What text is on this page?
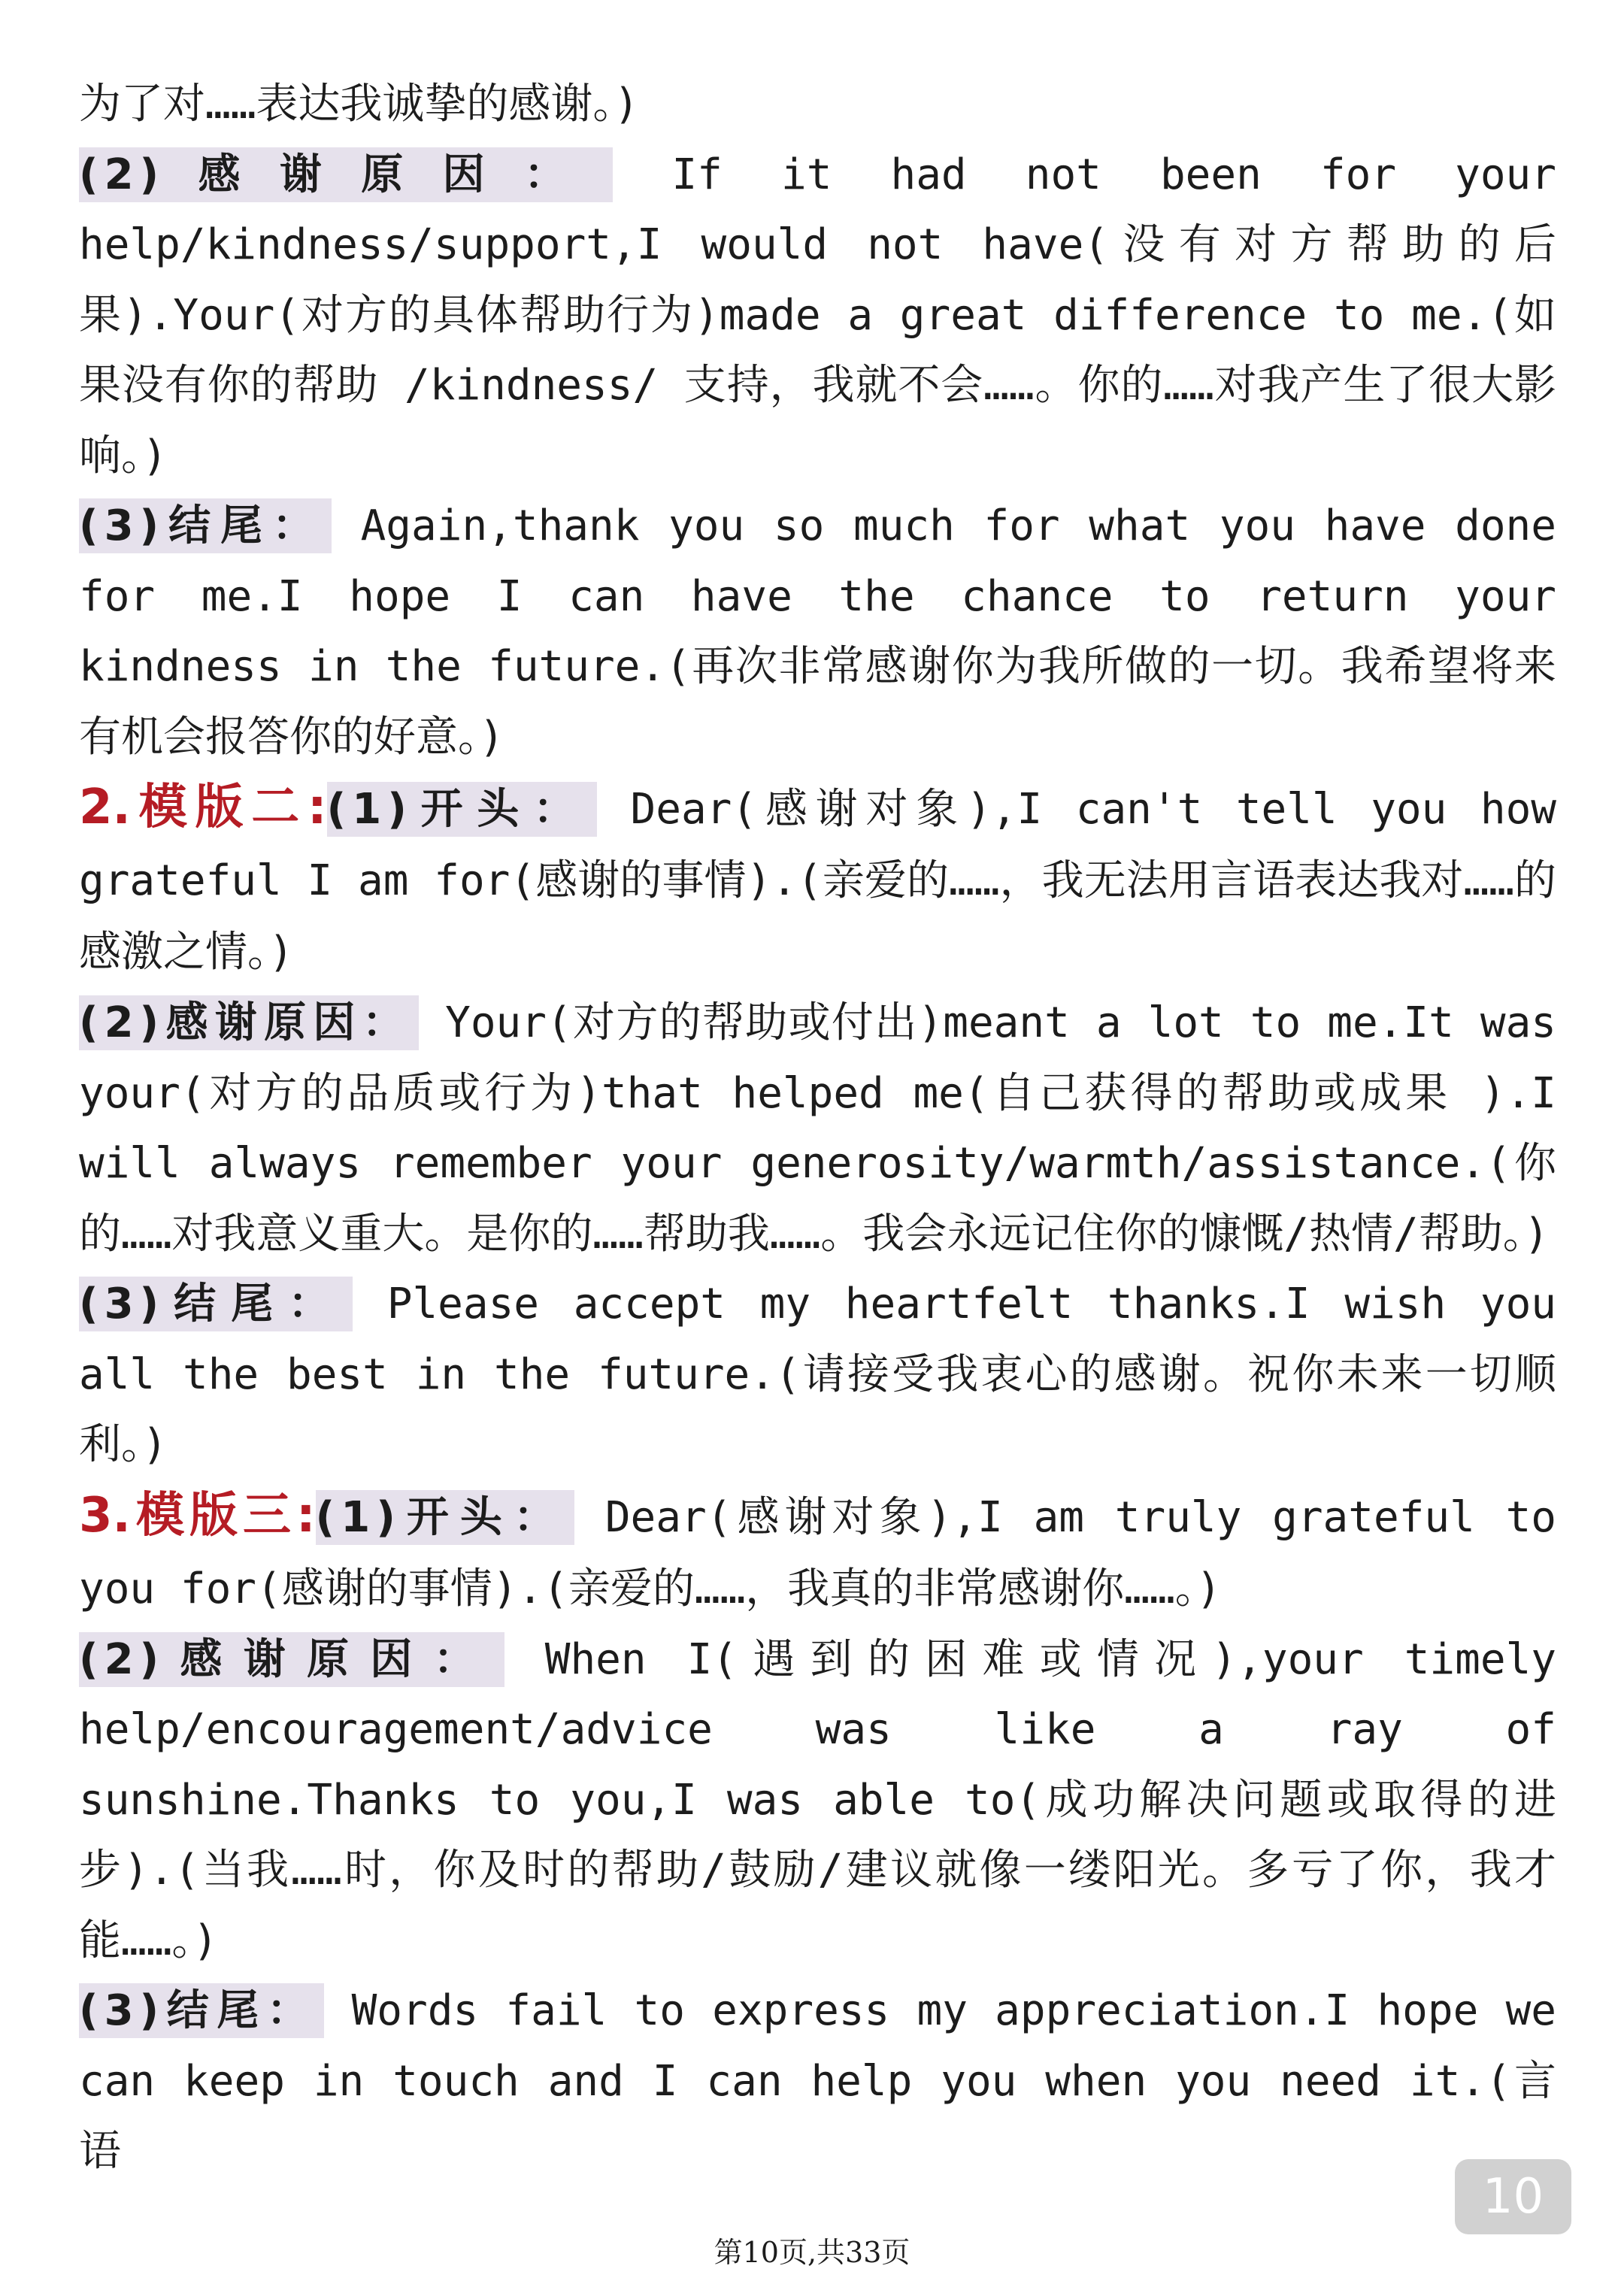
为了对……表达我诚挚的感谢。)

(2)感谢原因： If it had not been for your help/kindness/support,I would not have(没有对方帮助的后果).Your(对方的具体帮助行为)made a great difference to me.(如果没有你的帮助 /kindness/ 支持，我就不会……。你的……对我产生了很大影响。)

(3)结尾： Again,thank you so much for what you have done for me.I hope I can have the chance to return your kindness in the future.(再次非常感谢你为我所做的一切。我希望将来有机会报答你的好意。)

2.模版二:(1)开头： Dear(感谢对象),I can't tell you how grateful I am for(感谢的事情).(亲爱的……，我无法用言语表达我对……的感激之情。)

(2)感谢原因： Your(对方的帮助或付出)meant a lot to me.It was your(对方的品质或行为)that helped me(自己获得的帮助或成果 ).I will always remember your generosity/warmth/assistance.(你的……对我意义重大。是你的……帮助我……。我会永远记住你的慷慨/热情/帮助。)

(3)结尾： Please accept my heartfelt thanks.I wish you all the best in the future.(请接受我衷心的感谢。祝你未来一切顺利。)

3.模版三:(1)开头： Dear(感谢对象),I am truly grateful to you for(感谢的事情).(亲爱的……，我真的非常感谢你……。)

(2)感谢原因： When I(遇到的困难或情况),your timely help/encouragement/advice was like a ray of sunshine.Thanks to you,I was able to(成功解决问题或取得的进步).(当我……时，你及时的帮助/鼓励/建议就像一缕阳光。多亏了你，我才能……。)

(3)结尾： Words fail to express my appreciation.I hope we can keep in touch and I can help you when you need it.(言语

10
第10页,共33页
